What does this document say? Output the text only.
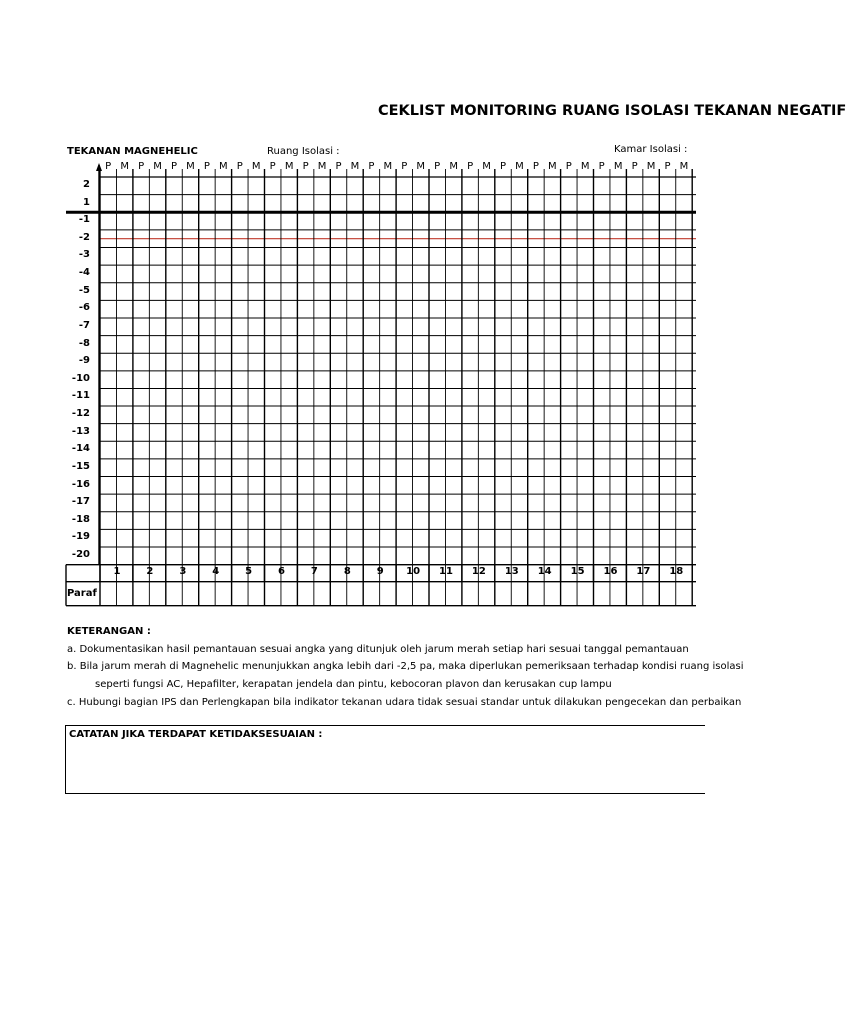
CEKLIST MONITORING RUANG ISOLASI TEKANAN NEGATIF
TEKANAN MAGNEHELIC	Ruang Isolasi :	Kamar Isolasi :
P M P M P M P M P M P M P M P M P M P M P M P M P M P M P M P M P M P M
2
1
-1
-2
-3
-4
-5
-6
-7
-8
-9
-10
-11
-12
-13
-14
-15
-16
-17
-18
-19
-20
1	2	3	4	5	6	7	8	9	10	11	12	13	14	15	16	17	18
Paraf
KETERANGAN :
a. Dokumentasikan hasil pemantauan sesuai angka yang ditunjuk oleh jarum merah setiap hari sesuai tanggal pemantauan
b. Bila jarum merah di Magnehelic menunjukkan angka lebih dari -2,5 pa, maka diperlukan pemeriksaan terhadap kondisi ruang isolasi
seperti fungsi AC, Hepafilter, kerapatan jendela dan pintu, kebocoran plavon dan kerusakan cup lampu
c. Hubungi bagian IPS dan Perlengkapan bila indikator tekanan udara tidak sesuai standar untuk dilakukan pengecekan dan perbaikan
CATATAN JIKA TERDAPAT KETIDAKSESUAIAN :
